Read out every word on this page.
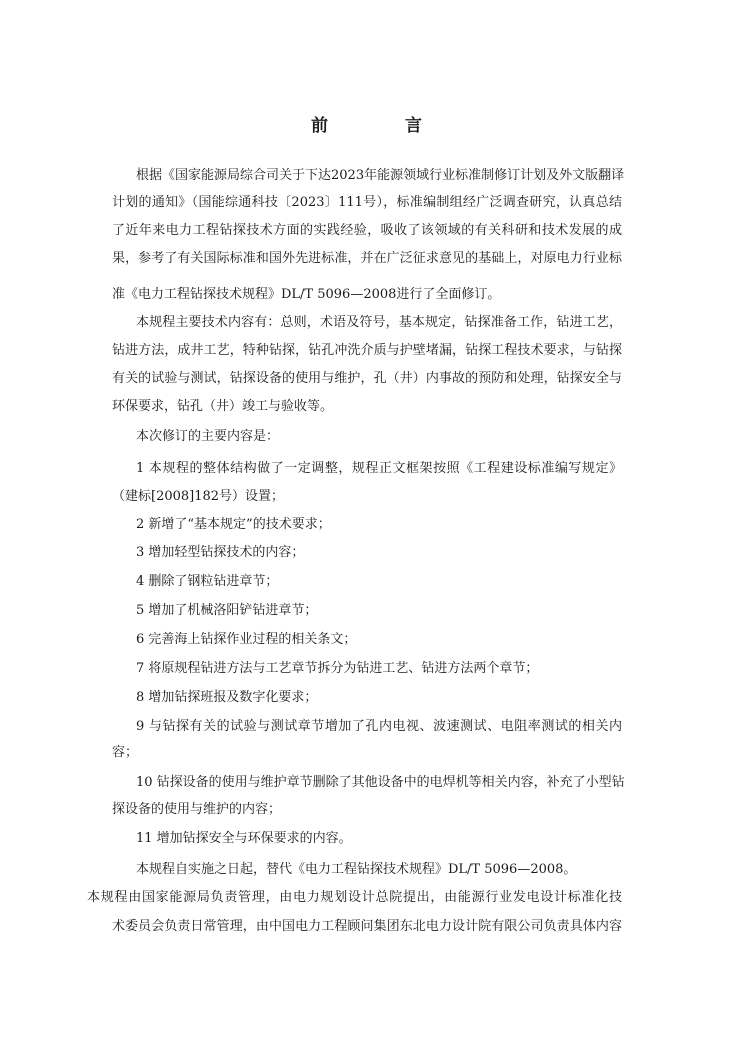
前　言
根据《国家能源局综合司关于下达2023年能源领域行业标准制修订计划及外文版翻译
计划的通知》（国能综通科技〔2023〕111号），标准编制组经广泛调查研究，认真总结
了近年来电力工程钻探技术方面的实践经验，吸收了该领域的有关科研和技术发展的成
果，参考了有关国际标准和国外先进标准，并在广泛征求意见的基础上，对原电力行业标
准《电力工程钻探技术规程》DL/T 5096—2008进行了全面修订。
本规程主要技术内容有：总则，术语及符号，基本规定，钻探准备工作，钻进工艺，
钻进方法，成井工艺，特种钻探，钻孔冲洗介质与护壁堵漏，钻探工程技术要求，与钻探
有关的试验与测试，钻探设备的使用与维护，孔（井）内事故的预防和处理，钻探安全与
环保要求，钻孔（井）竣工与验收等。
本次修订的主要内容是：
1 本规程的整体结构做了一定调整，规程正文框架按照《工程建设标准编写规定》
（建标[2008]182号）设置；
2 新增了“基本规定”的技术要求；
3 增加轻型钻探技术的内容；
4 删除了钢粒钻进章节；
5 增加了机械洛阳铲钻进章节；
6 完善海上钻探作业过程的相关条文；
7 将原规程钻进方法与工艺章节拆分为钻进工艺、钻进方法两个章节；
8 增加钻探班报及数字化要求；
9 与钻探有关的试验与测试章节增加了孔内电视、波速测试、电阻率测试的相关内
容；
10 钻探设备的使用与维护章节删除了其他设备中的电焊机等相关内容，补充了小型钻
探设备的使用与维护的内容；
11 增加钻探安全与环保要求的内容。
本规程自实施之日起，替代《电力工程钻探技术规程》DL/T 5096—2008。
本规程由国家能源局负责管理，由电力规划设计总院提出，由能源行业发电设计标准化技
术委员会负责日常管理，由中国电力工程顾问集团东北电力设计院有限公司负责具体内容
